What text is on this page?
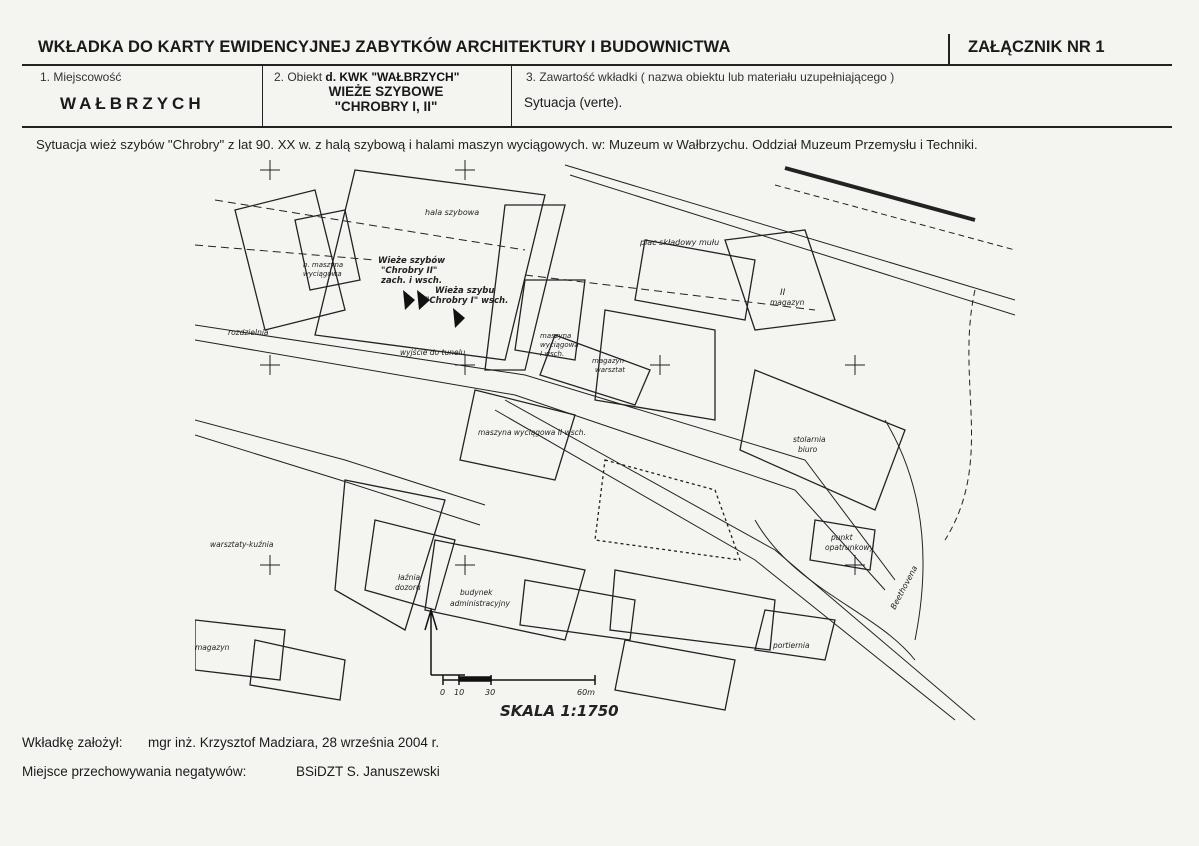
WKŁADKA DO KARTY EWIDENCYJNEJ ZABYTKÓW ARCHITEKTURY I BUDOWNICTWA	ZAŁĄCZNIK NR 1
1. Miejscowość
WAŁBRZYCH
2. Obiekt d. KWK "WAŁBRZYCH"
WIEŻE SZYBOWE
"CHROBRY I, II"
3. Zawartość wkładki ( nazwa obiektu lub materiału uzupełniającego )
Sytuacja (verte).
Sytuacja wież szybów "Chrobry" z lat 90. XX w. z halą szybową i halami maszyn wyciągowych. w: Muzeum w Wałbrzychu. Oddział Muzeum Przemysłu i Techniki.
hala szybowa
plac składowy mułu
Wieże szybów
"Chrobry II"
zach. i wsch.
Wieża szybu
"Chrobry I" wsch.
b. maszyna
wyciągowa
rozdzielnia
wyjście do tunelu
maszyna
wyciągowa
I wsch.
magazyn-
warsztat
maszyna wyciągowa II wsch.
II
magazyn
stolarnia
biuro
warsztaty-kuźnia
łaźnia
dozoru
budynek
administracyjny
portiernia
punkt
opatrunkowy
magazyn
Beethovena
0 10	30	60m
SKALA 1:1750
Wkładkę założył: mgr inż. Krzysztof Madziara, 28 września 2004 r.
Miejsce przechowywania negatywów:	BSiDZT S. Januszewski
